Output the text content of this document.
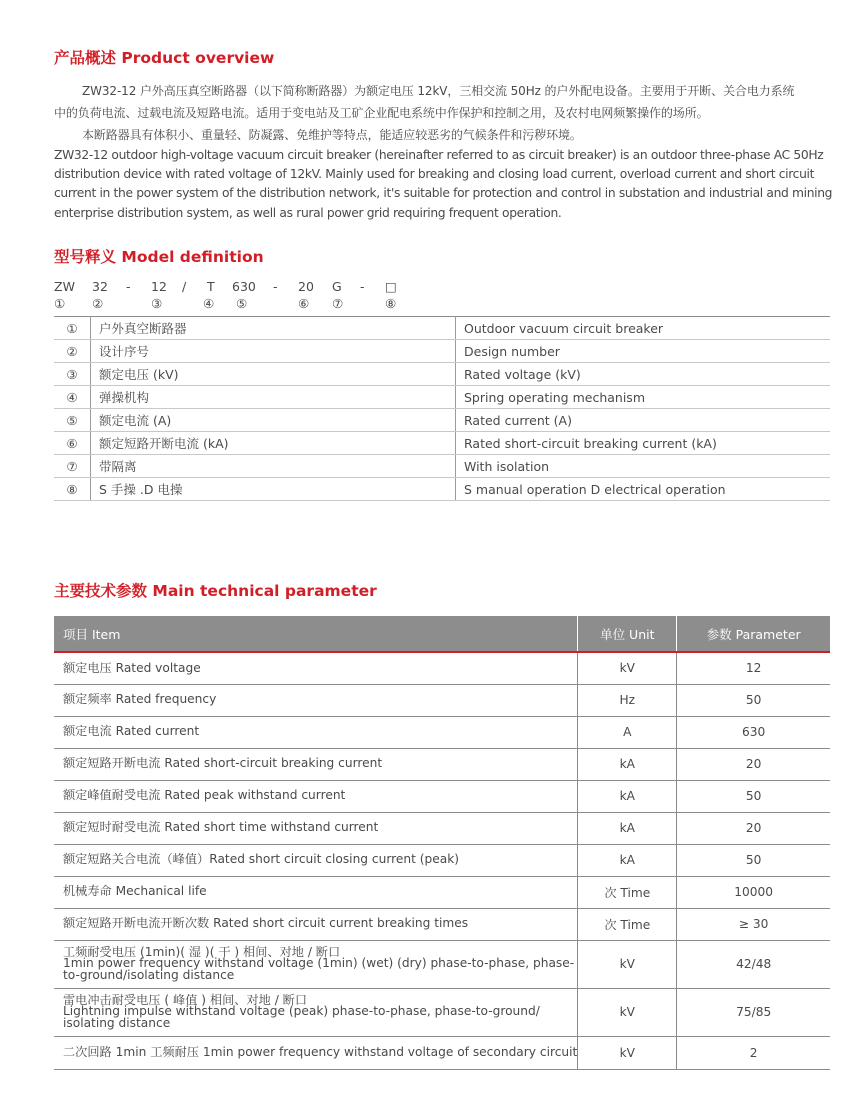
产品概述 Product overview

ZW32-12 户外高压真空断路器（以下简称断路器）为额定电压 12kV，三相交流 50Hz 的户外配电设备。主要用于开断、关合电力系统

中的负荷电流、过载电流及短路电流。适用于变电站及工矿企业配电系统中作保护和控制之用，及农村电网频繁操作的场所。

本断路器具有体积小、重量轻、防凝露、免维护等特点，能适应较恶劣的气候条件和污秽环境。

ZW32-12 outdoor high-voltage vacuum circuit breaker (hereinafter referred to as circuit breaker) is an outdoor three-phase AC 50Hz

distribution device with rated voltage of 12kV. Mainly used for breaking and closing load current, overload current and short circuit

current in the power system of the distribution network, it's suitable for protection and control in substation and industrial and mining

enterprise distribution system, as well as rural power grid requiring frequent operation.

型号释义 Model definition
ZW 32 - 12 / T 630 - 20 G - □
① ②	③	④ ⑤	⑥ ⑦	⑧
①	户外真空断路器	Outdoor vacuum circuit breaker
②	设计序号	Design number
③	额定电压 (kV)	Rated voltage (kV)
④	弹操机构	Spring operating mechanism
⑤	额定电流 (A)	Rated current (A)
⑥	额定短路开断电流 (kA)	Rated short-circuit breaking current (kA)
⑦	带隔离	With isolation
⑧	S 手操 .D 电操	S manual operation D electrical operation
主要技术参数 Main technical parameter
项目 Item	单位 Unit	参数 Parameter

额定电压 Rated voltage	kV	12

额定频率 Rated frequency	Hz	50

额定电流 Rated current	A	630

额定短路开断电流 Rated short-circuit breaking current	kA	20

额定峰值耐受电流 Rated peak withstand current	kA	50

额定短时耐受电流 Rated short time withstand current	kA	20

额定短路关合电流（峰值）Rated short circuit closing current (peak)	kA	50

机械寿命 Mechanical life	次 Time	10000

额定短路开断电流开断次数 Rated short circuit current breaking times	次 Time	≥ 30

工频耐受电压 (1min)( 湿 )( 干 ) 相间、对地 / 断口
1min power frequency withstand voltage (1min) (wet) (dry) phase-to-phase, phase-
to-ground/isolating distance	kV	42/48

雷电冲击耐受电压 ( 峰值 ) 相间、对地 / 断口
Lightning impulse withstand voltage (peak) phase-to-phase, phase-to-ground/
isolating distance	kV	75/85

二次回路 1min 工频耐压 1min power frequency withstand voltage of secondary circuit	kV	2
